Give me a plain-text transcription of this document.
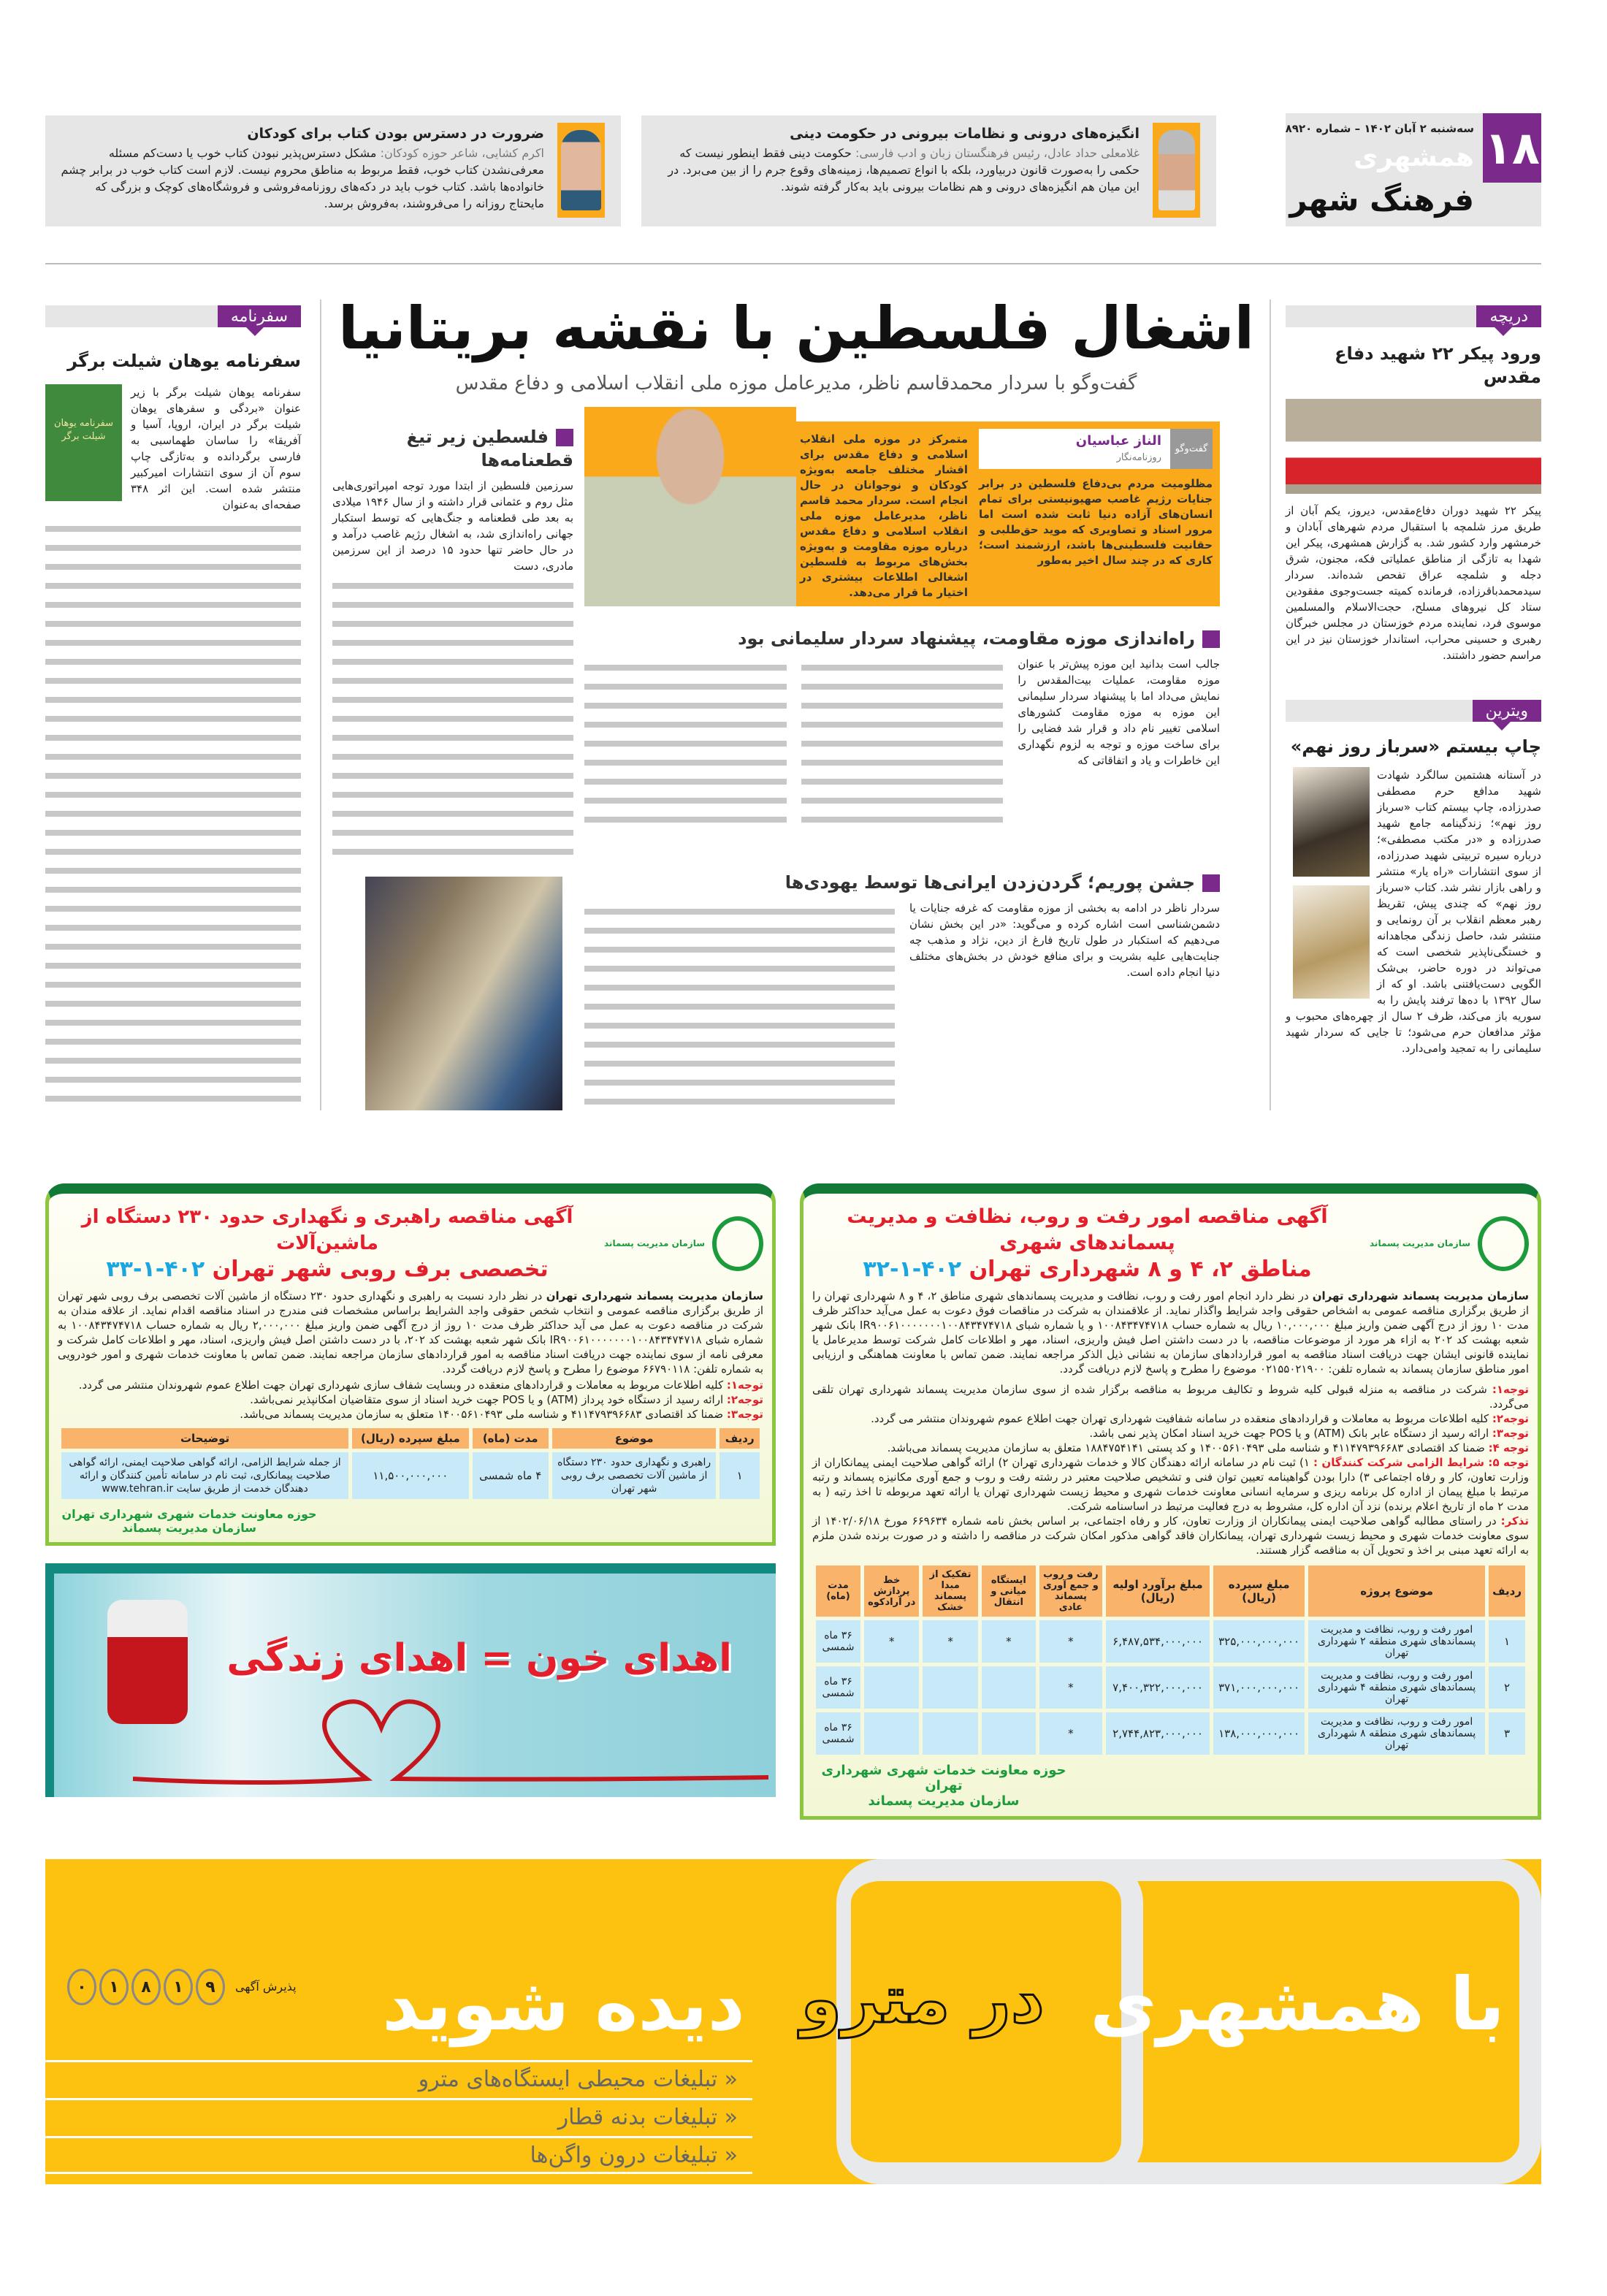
۱۸
سه‌شنبه ۲ آبان ۱۴۰۲ – شماره ۸۹۲۰
همشهری
فرهنگ شهر
انگیزه‌های درونی و نظامات بیرونی در حکومت دینی
غلامعلی حداد عادل، رئیس فرهنگستان زبان و ادب فارسی: حکومت دینی فقط اینطور نیست که حکمی را به‌صورت قانون دربیاورد، بلکه با انواع تصمیم‌ها، زمینه‌های وقوع جرم را از بین می‌برد. در این میان هم انگیزه‌های درونی و هم نظامات بیرونی باید به‌کار گرفته شوند.
ضرورت در دسترس بودن کتاب برای کودکان
اکرم کشایی، شاعر حوزه کودکان: مشکل دسترس‌پذیر نبودن کتاب خوب یا دست‌کم مسئله معرفی‌نشدن کتاب خوب، فقط مربوط به مناطق محروم نیست. لازم است کتاب خوب در برابر چشم خانواده‌ها باشد. کتاب خوب باید در دکه‌های روزنامه‌فروشی و فروشگاه‌های کوچک و بزرگی که مایحتاج روزانه را می‌فروشند، به‌فروش برسد.
دریچه
ورود پیکر ۲۲ شهید دفاع مقدس

پیکر ۲۲ شهید دوران دفاع‌مقدس، دیروز، یکم آبان از طریق مرز شلمچه با استقبال مردم شهرهای آبادان و خرمشهر وارد کشور شد. به گزارش همشهری، پیکر این شهدا به تازگی از مناطق عملیاتی فکه، مجنون، شرق دجله و شلمچه عراق تفحص شده‌اند. سردار سیدمحمدباقرزاده، فرمانده کمیته جست‌وجوی مفقودین ستاد کل نیروهای مسلح، حجت‌الاسلام والمسلمین موسوی فرد، نماینده مردم خوزستان در مجلس خبرگان رهبری و حسینی محراب، استاندار خوزستان نیز در این مراسم حضور داشتند.

ویترین
چاپ بیستم «سرباز روز نهم»

در آستانه هشتمین سالگرد شهادت شهید مدافع حرم مصطفی صدرزاده، چاپ بیستم کتاب «سرباز روز نهم»؛ زندگینامه جامع شهید صدرزاده و «در مکتب مصطفی»؛ درباره سیره تربیتی شهید صدرزاده، از سوی انتشارات «راه یار» منتشر و راهی بازار نشر شد. کتاب «سرباز روز نهم» که چندی پیش، تقریظ رهبر معظم انقلاب بر آن رونمایی و منتشر شد، حاصل زندگی مجاهدانه و خستگی‌ناپذیر شخصی است که می‌تواند در دوره حاضر، بی‌شک الگویی دست‌یافتنی باشد. او که از سال ۱۳۹۲ با ده‌ها ترفند پایش را به سوریه باز می‌کند، ظرف ۲ سال از چهره‌های محبوب و مؤثر مدافعان حرم می‌شود؛ تا جایی که سردار شهید سلیمانی را به تمجید وامی‌دارد.

سفرنامه
سفرنامه یوهان شیلت برگر
سفرنامه یوهان شیلت برگر

سفرنامه یوهان شیلت برگر با زیر عنوان «بردگی و سفرهای یوهان شیلت برگر در ایران، اروپا، آسیا و آفریقا» را ساسان طهماسبی به فارسی برگردانده و به‌تازگی چاپ سوم آن از سوی انتشارات امیرکبیر منتشر شده است. این اثر ۳۴۸ صفحه‌ای به‌عنوان

اشغال فلسطین با نقشه بریتانیا
گفت‌وگو با سردار محمدقاسم ناظر، مدیرعامل موزه ملی انقلاب اسلامی و دفاع مقدس
گفت‌وگو
الناز عباسیان
روزنامه‌نگار

مظلومیت مردم بی‌دفاع فلسطین در برابر جنایات رژیم غاصب صهیونیستی برای تمام انسان‌های آزاده دنیا ثابت شده است اما مرور اسناد و تصاویری که موید حق‌طلبی و حقانیت فلسطینی‌ها باشد، ارزشمند است؛ کاری که در چند سال اخیر به‌طور

متمرکز در موزه ملی انقلاب اسلامی و دفاع مقدس برای اقشار مختلف جامعه به‌ویژه کودکان و نوجوانان در حال انجام است. سردار محمد قاسم ناظر، مدیرعامل موزه ملی انقلاب اسلامی و دفاع مقدس درباره موزه مقاومت و به‌ویژه بخش‌های مربوط به فلسطین اشغالی اطلاعات بیشتری در اختیار ما قرار می‌دهد.

فلسطین زیر تیغ قطعنامه‌ها

سرزمین فلسطین از ابتدا مورد توجه امپراتوری‌هایی مثل روم و عثمانی قرار داشته و از سال ۱۹۴۶ میلادی به بعد طی قطعنامه و جنگ‌هایی که توسط استکبار جهانی راه‌اندازی شد، به اشغال رژیم غاصب درآمد و در حال حاضر تنها حدود ۱۵ درصد از این سرزمین مادری، دست

راه‌اندازی موزه مقاومت، پیشنهاد سردار سلیمانی بود

جالب است بدانید این موزه پیش‌تر با عنوان موزه مقاومت، عملیات بیت‌المقدس را نمایش می‌داد اما با پیشنهاد سردار سلیمانی این موزه به موزه مقاومت کشورهای اسلامی تغییر نام داد و قرار شد فضایی را برای ساخت موزه و توجه به لزوم نگهداری این خاطرات و یاد و اتفاقاتی که

جشن پوریم؛ گردن‌زدن ایرانی‌ها توسط یهودی‌ها

سردار ناظر در ادامه به بخشی از موزه مقاومت که غرفه جنایات یا دشمن‌شناسی است اشاره کرده و می‌گوید: «در این بخش نشان می‌دهیم که استکبار در طول تاریخ فارغ از دین، نژاد و مذهب چه جنایت‌هایی علیه بشریت و برای منافع خودش در بخش‌های مختلف دنیا انجام داده است.

سازمان مدیریت پسماند
آگهی مناقصه امور رفت و روب، نظافت و مدیریت پسماندهای شهری
مناطق ۲، ۴ و ۸ شهرداری تهران ۴۰۲-۱-۳۲

سازمان مدیریت پسماند شهرداری تهران در نظر دارد انجام امور رفت و روب، نظافت و مدیریت پسماندهای شهری مناطق ۲، ۴ و ۸ شهرداری تهران را از طریق برگزاری مناقصه عمومی به اشخاص حقوقی واجد شرایط واگذار نماید. از علاقمندان به شرکت در مناقصات فوق دعوت به عمل می‌آید حداکثر ظرف مدت ۱۰ روز از درج آگهی ضمن واریز مبلغ ۱۰,۰۰۰,۰۰۰ ریال به شماره حساب ۱۰۰۸۴۳۴۷۴۷۱۸ و یا شماره شبای IR۹۰۰۶۱۰۰۰۰۰۰۰۱۰۰۸۴۳۴۷۴۷۱۸ بانک شهر شعبه بهشت کد ۲۰۲ به ازاء هر مورد از موضوعات مناقصه، با در دست داشتن اصل فیش واریزی، اسناد، مهر و اطلاعات کامل شرکت توسط مدیرعامل یا نماینده قانونی ایشان جهت دریافت اسناد مناقصه به امور قراردادهای سازمان به نشانی ذیل الذکر مراجعه نمایند. ضمن تماس با معاونت هماهنگی و ارزیابی امور مناطق سازمان پسماند به شماره تلفن: ۰۲۱۵۵۰۲۱۹۰۰ موضوع را مطرح و پاسخ لازم دریافت گردد.

توجه۱: شرکت در مناقصه به منزله قبولی کلیه شروط و تکالیف مربوط به مناقصه برگزار شده از سوی سازمان مدیریت پسماند شهرداری تهران تلقی می‌گردد.
توجه۲: کلیه اطلاعات مربوط به معاملات و قراردادهای منعقده در سامانه شفافیت شهرداری تهران جهت اطلاع عموم شهروندان منتشر می گردد.
توجه۳: ارائه رسید از دستگاه عابر بانک (ATM) و یا POS جهت خرید اسناد امکان پذیر نمی باشد.
توجه ۴: ضمنا کد اقتصادی ۴۱۱۴۷۹۳۹۶۶۸۳ و شناسه ملی ۱۴۰۰۵۶۱۰۴۹۳ و کد پستی ۱۸۸۴۷۵۴۱۴۱ متعلق به سازمان مدیریت پسماند می‌باشد.
توجه ۵: شرایط الزامی شرکت کنندگان : ۱) ثبت نام در سامانه ارائه دهندگان کالا و خدمات شهرداری تهران ۲) ارائه گواهی صلاحیت ایمنی پیمانکاران از وزارت تعاون، کار و رفاه اجتماعی ۳) دارا بودن گواهینامه تعیین توان فنی و تشخیص صلاحیت معتبر در رشته رفت و روب و جمع آوری مکانیزه پسماند و رتبه مرتبط با مبلغ پیمان از اداره کل برنامه ریزی و سرمایه انسانی معاونت خدمات شهری و محیط زیست شهرداری تهران یا ارائه تعهد مربوطه تا اخذ رتبه ( به مدت ۲ ماه از تاریخ اعلام برنده) نزد آن اداره کل، مشروط به درج فعالیت مرتبط در اساسنامه شرکت.
تذکر: در راستای مطالبه گواهی صلاحیت ایمنی پیمانکاران از وزارت تعاون، کار و رفاه اجتماعی، بر اساس بخش نامه شماره ۶۶۹۶۳۴ مورخ ۱۴۰۲/۰۶/۱۸ از سوی معاونت خدمات شهری و محیط زیست شهرداری تهران، پیمانکاران فاقد گواهی مذکور امکان شرکت در مناقصه را داشته و در صورت برنده شدن ملزم به ارائه تعهد مبنی بر اخذ و تحویل آن به مناقصه گزار هستند.
ردیف	موضوع پروژه	مبلغ سپرده (ریال)	مبلغ برآورد اولیه (ریال)	رفت و روب و جمع آوری پسماند عادی	ایستگاه میانی و انتقال	تفکیک از مبدا پسماند خشک	خط پردازش در آرادکوه	مدت (ماه)
۱	امور رفت و روب، نظافت و مدیریت پسماندهای شهری منطقه ۲ شهرداری تهران	۳۲۵,۰۰۰,۰۰۰,۰۰۰	۶,۴۸۷,۵۳۴,۰۰۰,۰۰۰	*	*	*	*	۳۶ ماه شمسی
۲	امور رفت و روب، نظافت و مدیریت پسماندهای شهری منطقه ۴ شهرداری تهران	۳۷۱,۰۰۰,۰۰۰,۰۰۰	۷,۴۰۰,۳۲۲,۰۰۰,۰۰۰	*				۳۶ ماه شمسی
۳	امور رفت و روب، نظافت و مدیریت پسماندهای شهری منطقه ۸ شهرداری تهران	۱۳۸,۰۰۰,۰۰۰,۰۰۰	۲,۷۴۴,۸۲۳,۰۰۰,۰۰۰	*				۳۶ ماه شمسی
حوزه معاونت خدمات شهری شهرداری تهران
سازمان مدیریت پسماند
سازمان مدیریت پسماند
آگهی مناقصه راهبری و نگهداری حدود ۲۳۰ دستگاه از ماشین‌آلات
تخصصی برف روبی شهر تهران ۴۰۲-۱-۳۳

سازمان مدیریت پسماند شهرداری تهران در نظر دارد نسبت به راهبری و نگهداری حدود ۲۳۰ دستگاه از ماشین آلات تخصصی برف روبی شهر تهران از طریق برگزاری مناقصه عمومی و انتخاب شخص حقوقی واجد الشرایط براساس مشخصات فنی مندرج در اسناد مناقصه اقدام نماید. از علاقه مندان به شرکت در مناقصه دعوت به عمل می آید حداکثر ظرف مدت ۱۰ روز از درج آگهی ضمن واریز مبلغ ۲,۰۰۰,۰۰۰ ریال به شماره حساب ۱۰۰۸۴۳۴۷۴۷۱۸ به شماره شبای IR۹۰۰۶۱۰۰۰۰۰۰۰۱۰۰۸۴۳۴۷۴۷۱۸ بانک شهر شعبه بهشت کد ۲۰۲، با در دست داشتن اصل فیش واریزی، اسناد، مهر و اطلاعات کامل شرکت و معرفی نامه از سوی نماینده جهت دریافت اسناد مناقصه به امور قراردادهای سازمان مراجعه نمایند. ضمن تماس با معاونت خدمات شهری و امور خودرویی به شماره تلفن: ۶۶۷۹۰۱۱۸ موضوع را مطرح و پاسخ لازم دریافت گردد.

توجه۱: کلیه اطلاعات مربوط به معاملات و قراردادهای منعقده در وبسایت شفاف سازی شهرداری تهران جهت اطلاع عموم شهروندان منتشر می گردد.
توجه۲: ارائه رسید از دستگاه خود پرداز (ATM) و یا POS جهت خرید اسناد از سوی متقاضیان امکانپذیر نمی‌باشد.
توجه۳: ضمنا کد اقتصادی ۴۱۱۴۷۹۳۹۶۶۸۳ و شناسه ملی ۱۴۰۰۵۶۱۰۴۹۳ متعلق به سازمان مدیریت پسماند می‌باشد.
ردیف	موضوع	مدت (ماه)	مبلغ سپرده (ریال)	توضیحات
۱	راهبری و نگهداری حدود ۲۳۰ دستگاه از ماشین آلات تخصصی برف روبی شهر تهران	۴ ماه شمسی	۱۱,۵۰۰,۰۰۰,۰۰۰	از جمله شرایط الزامی، ارائه گواهی صلاحیت ایمنی، ارائه گواهی صلاحیت پیمانکاری، ثبت نام در سامانه تأمین کنندگان و ارائه دهندگان خدمت از طریق سایت www.tehran.ir
حوزه معاونت خدمات شهری شهرداری تهران
سازمان مدیریت پسماند
اهدای خون = اهدای زندگی
با همشهری
در مترو
دیده شوید
« تبلیغات محیطی ایستگاه‌های مترو
« تبلیغات بدنه قطار
« تبلیغات درون واگن‌ها
پذیرش آگهی
۹
۱
۸
۱
۰
